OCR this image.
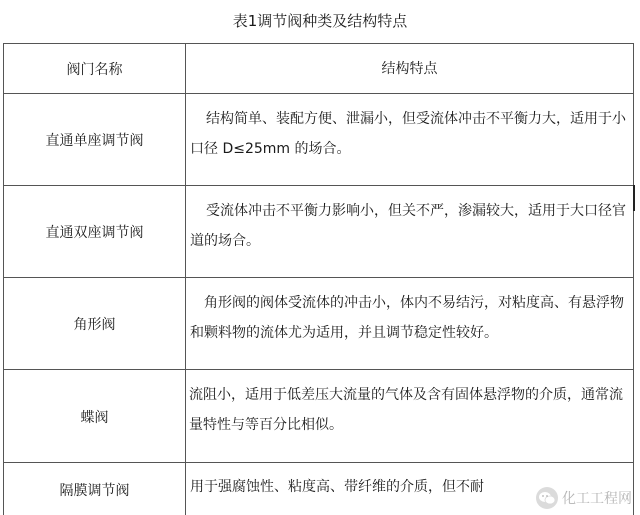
表1调节阀种类及结构特点
阀门名称	结构特点
直通单座调节阀
结构简单、装配方便、泄漏小，但受流体冲击不平衡力大，适用于小口径 D≤25mm 的场合。
直通双座调节阀
受流体冲击不平衡力影响小，但关不严，渗漏较大，适用于大口径官道的场合。
角形阀
角形阀的阀体受流体的冲击小，体内不易结污，对粘度高、有悬浮物和颗料物的流体尤为适用，并且调节稳定性较好。
蝶阀
流阻小，适用于低差压大流量的气体及含有固体悬浮物的介质，通常流量特性与等百分比相似。
隔膜调节阀	用于强腐蚀性、粘度高、带纤维的介质，但不耐
化工工程网
